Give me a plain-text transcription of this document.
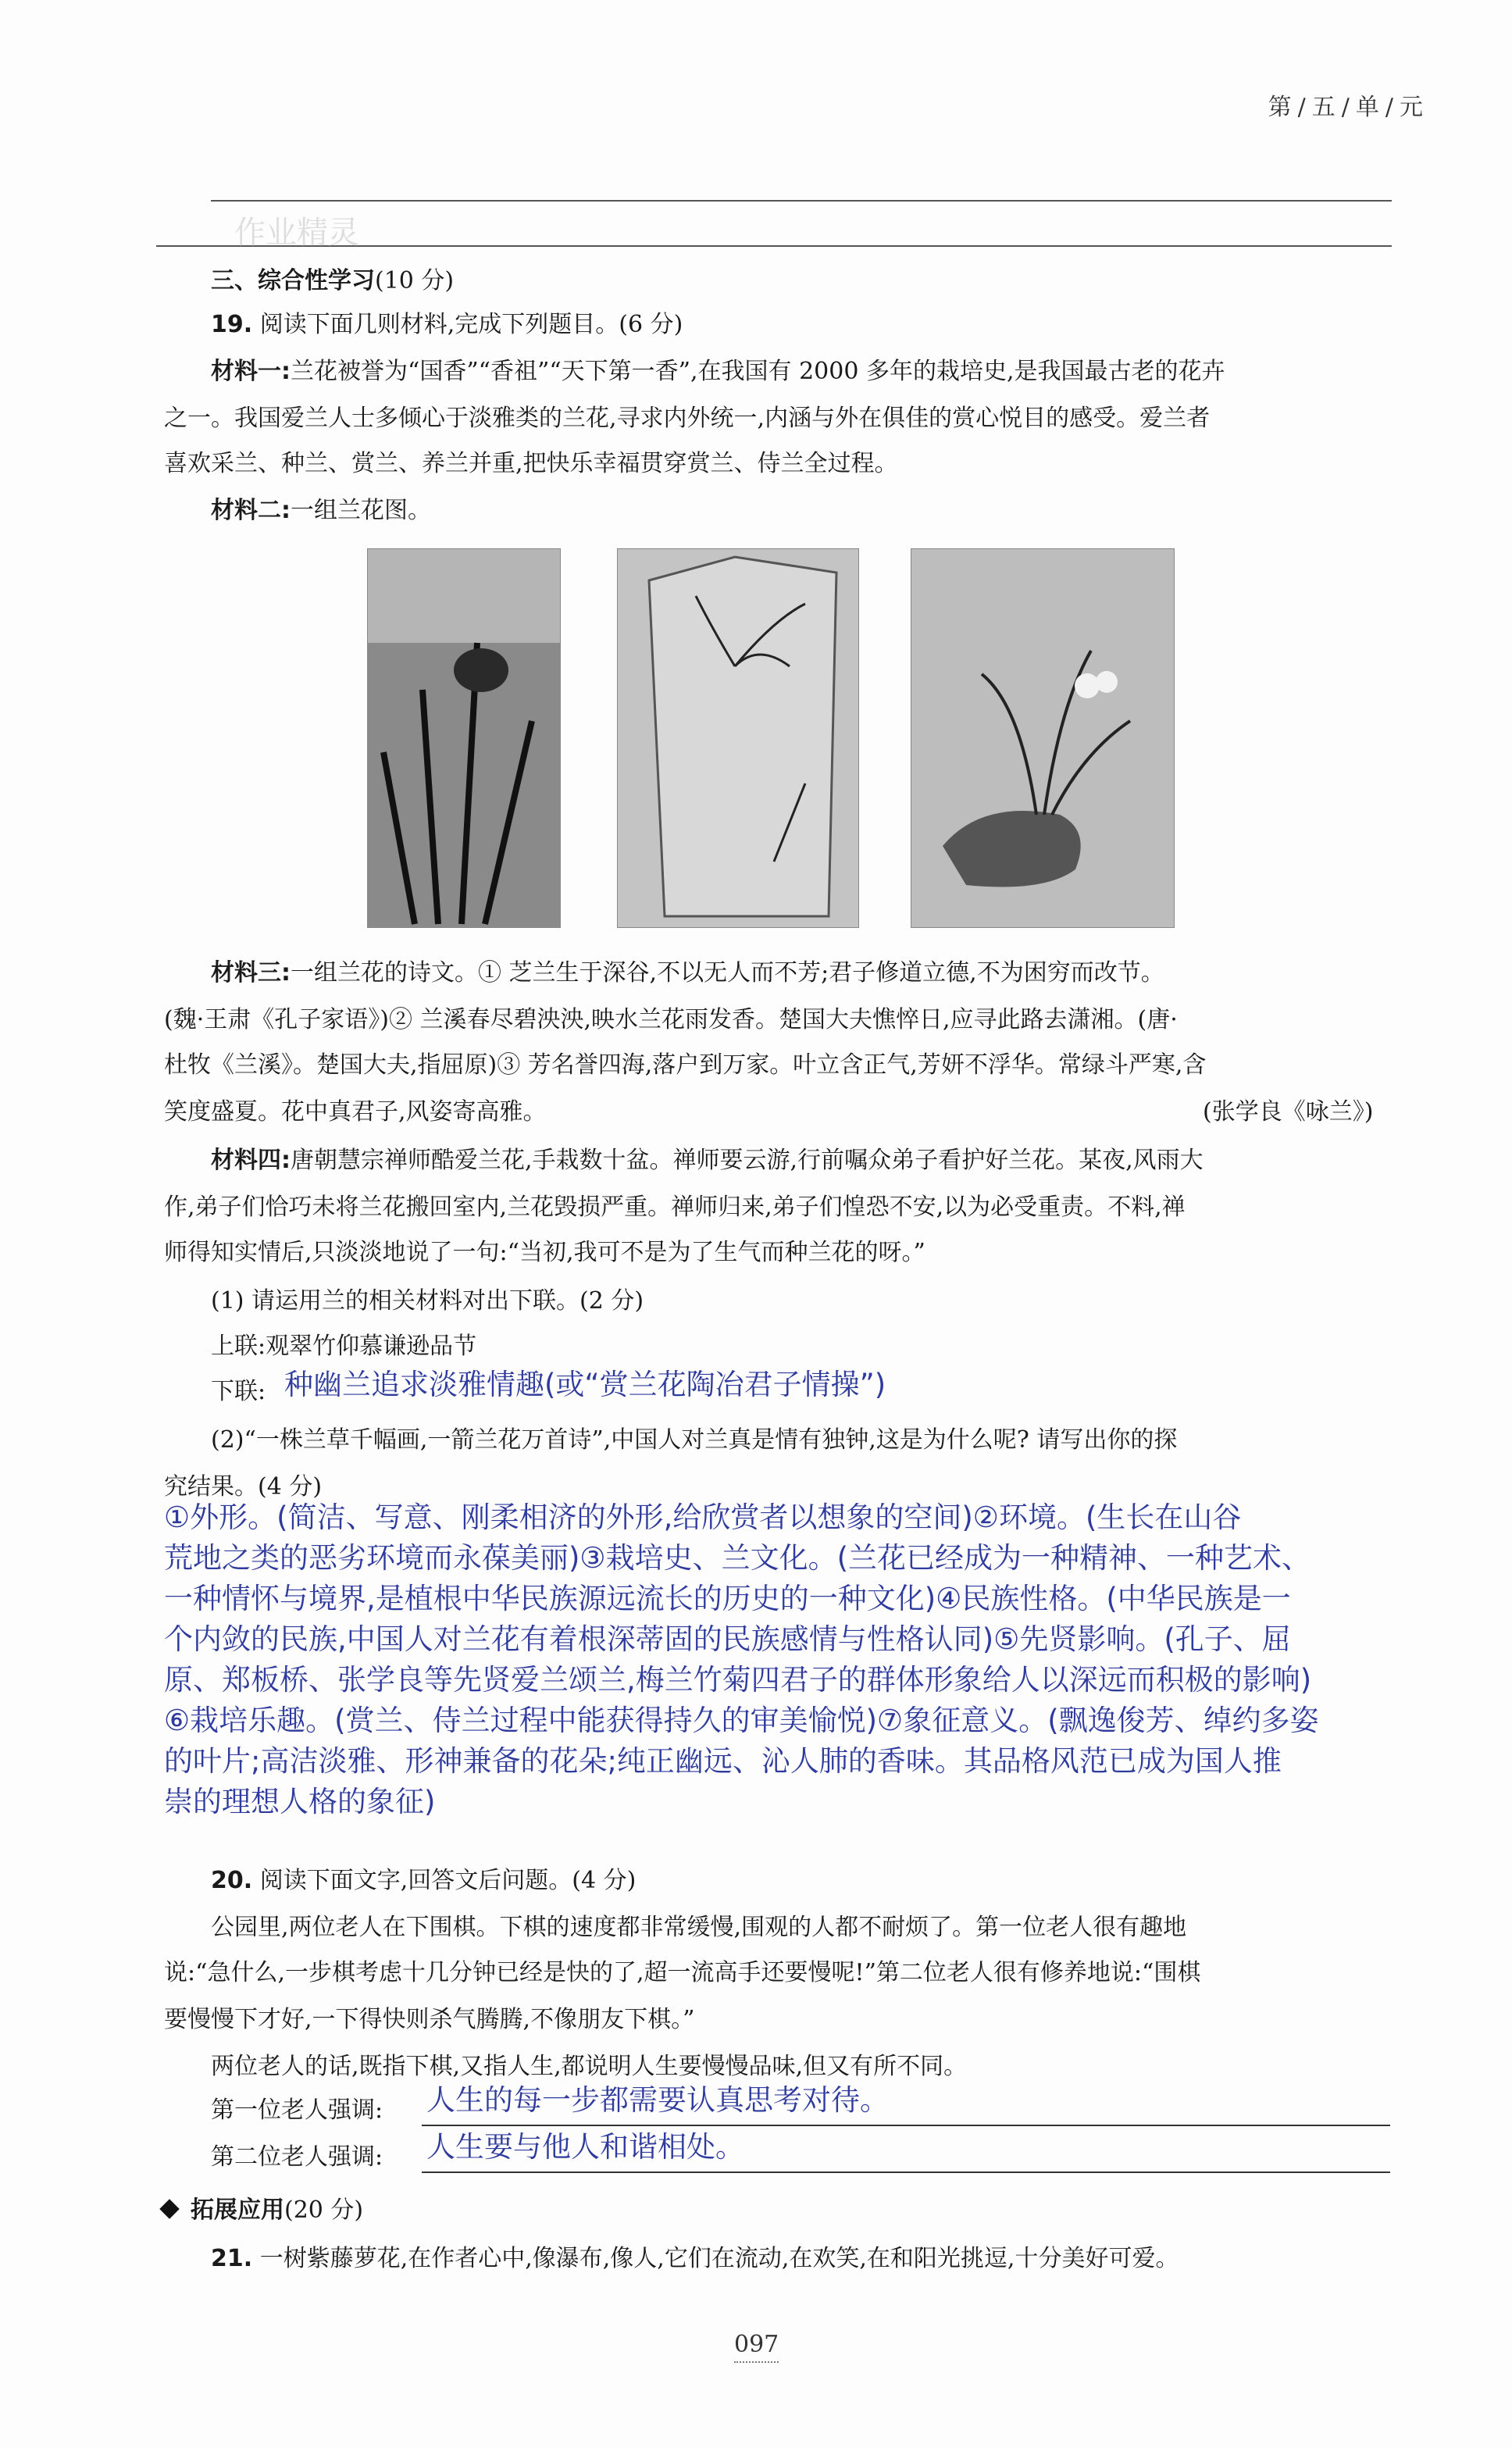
第/五/单/元
作业精灵
三、综合性学习(10 分)
19. 阅读下面几则材料,完成下列题目。(6 分)
材料一:兰花被誉为“国香”“香祖”“天下第一香”,在我国有 2000 多年的栽培史,是我国最古老的花卉
之一。我国爱兰人士多倾心于淡雅类的兰花,寻求内外统一,内涵与外在俱佳的赏心悦目的感受。爱兰者
喜欢采兰、种兰、赏兰、养兰并重,把快乐幸福贯穿赏兰、侍兰全过程。
材料二:一组兰花图。
材料三:一组兰花的诗文。① 芝兰生于深谷,不以无人而不芳;君子修道立德,不为困穷而改节。
(魏·王肃《孔子家语》)② 兰溪春尽碧泱泱,映水兰花雨发香。楚国大夫憔悴日,应寻此路去潇湘。(唐·
杜牧《兰溪》。楚国大夫,指屈原)③ 芳名誉四海,落户到万家。叶立含正气,芳妍不浮华。常绿斗严寒,含
笑度盛夏。花中真君子,风姿寄高雅。	(张学良《咏兰》)
材料四:唐朝慧宗禅师酷爱兰花,手栽数十盆。禅师要云游,行前嘱众弟子看护好兰花。某夜,风雨大
作,弟子们恰巧未将兰花搬回室内,兰花毁损严重。禅师归来,弟子们惶恐不安,以为必受重责。不料,禅
师得知实情后,只淡淡地说了一句:“当初,我可不是为了生气而种兰花的呀。”
(1) 请运用兰的相关材料对出下联。(2 分)
上联:观翠竹仰慕谦逊品节
下联: 种幽兰追求淡雅情趣(或“赏兰花陶冶君子情操”)
(2)“一株兰草千幅画,一箭兰花万首诗”,中国人对兰真是情有独钟,这是为什么呢? 请写出你的探
究结果。(4 分)
①外形。(简洁、写意、刚柔相济的外形,给欣赏者以想象的空间)②环境。(生长在山谷
荒地之类的恶劣环境而永葆美丽)③栽培史、兰文化。(兰花已经成为一种精神、一种艺术、
一种情怀与境界,是植根中华民族源远流长的历史的一种文化)④民族性格。(中华民族是一
个内敛的民族,中国人对兰花有着根深蒂固的民族感情与性格认同)⑤先贤影响。(孔子、屈
原、郑板桥、张学良等先贤爱兰颂兰,梅兰竹菊四君子的群体形象给人以深远而积极的影响)
⑥栽培乐趣。(赏兰、侍兰过程中能获得持久的审美愉悦)⑦象征意义。(飘逸俊芳、绰约多姿
的叶片;高洁淡雅、形神兼备的花朵;纯正幽远、沁人肺的香味。其品格风范已成为国人推
崇的理想人格的象征)
20. 阅读下面文字,回答文后问题。(4 分)
公园里,两位老人在下围棋。下棋的速度都非常缓慢,围观的人都不耐烦了。第一位老人很有趣地
说:“急什么,一步棋考虑十几分钟已经是快的了,超一流高手还要慢呢!”第二位老人很有修养地说:“围棋
要慢慢下才好,一下得快则杀气腾腾,不像朋友下棋。”
两位老人的话,既指下棋,又指人生,都说明人生要慢慢品味,但又有所不同。
第一位老人强调: 人生的每一步都需要认真思考对待。
第二位老人强调: 人生要与他人和谐相处。
拓展应用(20 分)
21. 一树紫藤萝花,在作者心中,像瀑布,像人,它们在流动,在欢笑,在和阳光挑逗,十分美好可爱。
097
